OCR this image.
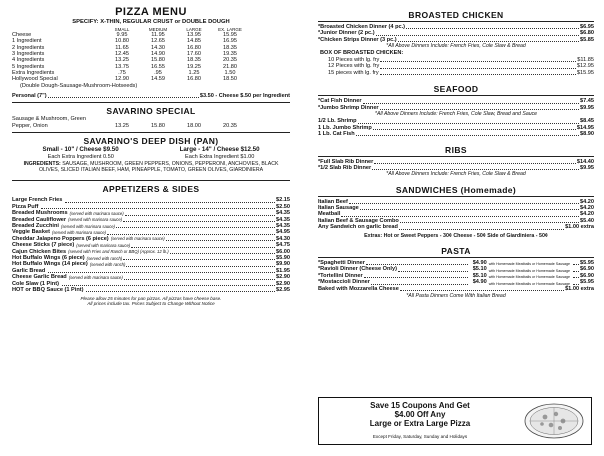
PIZZA MENU
SPECIFY: X-THIN, REGULAR CRUST or DOUBLE DOUGH
SMALL	MEDIUM	LARGE	EX. LARGE
Cheese	9.95	11.95	13.95	15.95
1 Ingredient	10.80	12.65	14.85	16.95
2 Ingredients	11.65	14.30	16.80	18.35
3 Ingredients	12.45	14.90	17.60	19.35
4 Ingredients	13.25	15.80	18.35	20.35
5 Ingredients	13.75	16.55	19.25	21.80
Extra Ingredients	.75	.95	1.25	1.50
Hollywood Special	12.90	14.59	16.80	18.50
(Double Dough-Sausage-Mushroom-Hotseeds)
Personal (7")	$3.50 - Cheese $.50 per Ingredient
SAVARINO SPECIAL
Sausage & Mushroom, Green
Pepper, Onion	13.25	15.80	18.00	20.35
SAVARINO'S DEEP DISH (PAN)
Small - 10" / Cheese $9.50	Large - 14" / Cheese $12.50
Each Extra Ingredient 0.50	Each Extra Ingredient $1.00
INGREDIENTS: SAUSAGE, MUSHROOM, GREEN PEPPERS, ONIONS, PEPPERONI, ANCHOVIES, BLACK OLIVES, SLICED ITALIAN BEEF, HAM, PINEAPPLE, TOMATO, GREEN OLIVES, GIARDINIERA
APPETIZERS & SIDES
Large French Fries	$2.15
Pizza Puff	$2.50
Breaded Mushrooms (served with marinara sauce)	$4.35
Breaded Cauliflower (served with marinara sauce)	$4.35
Breaded Zucchini (served with marinara sauce)	$4.35
Veggie Basket (served with marinara sauce)	$4.95
Cheddar Jalapeno Poppers (6 piece) (served with marinara sauce)	$4.30
Cheese Sticks (7 piece) (served with marinara sauce)	$4.75
Cajun Chicken Bites (served with Fries and Ranch or BBQ) (Approx. 12 lb.)	$6.00
Hot Buffalo Wings (6 piece) (served with ranch)	$5.90
Hot Buffalo Wings (14 piece) (served with ranch)	$9.90
Garlic Bread	$1.95
Cheese Garlic Bread (served with marinara sauce)	$2.90
Cole Slaw (1 Pint)	$2.90
HOT or BBQ Sauce (1 Pint)	$2.95
Please allow 25 minutes for pan pizzas. All pizzas have cheese base.
All prices include tax. Prices Subject to Change Without Notice
BROASTED CHICKEN
*Broasted Chicken Dinner (4 pc.)	$6.95
*Junior Dinner (2 pc.)	$6.80
*Chicken Strips Dinner (3 pc.)	$5.85
*All Above Dinners Include: French Fries, Cole Slaw & Bread
BOX OF BROASTED CHICKEN:
10 Pieces with lg. fry	$11.85
12 Pieces with lg. fry	$12.95
15 pieces with lg. fry	$15.95
SEAFOOD
*Cat Fish Dinner	$7.45
*Jumbo Shrimp Dinner	$9.95
*All Above Dinners Include: French Fries, Cole Slaw, Bread and Sauce
1/2 Lb. Shrimp	$8.45
1 Lb. Jumbo Shrimp	$14.95
1 Lb. Cat Fish	$8.90
RIBS
*Full Slab Rib Dinner	$14.40
*1/2 Slab Rib Dinner	$9.95
*All Above Dinners Include: French Fries, Cole Slaw & Bread
SANDWICHES (Homemade)
Italian Beef	$4.20
Italian Sausage	$4.20
Meatball	$4.20
Italian Beef & Sausage Combo	$5.40
Any Sandwich on garlic bread	$1.00 extra
Extras: Hot or Sweet Peppers - 30¢ Cheese - 50¢ Side of Giardiniera - 50¢
PASTA
*Spaghetti Dinner	$4.90 with Homemade Meatballs or Homemade Sausage $5.95
*Ravioli Dinner (Cheese Only)	$5.10 with Homemade Meatballs or Homemade Sausage $6.90
*Tortellini Dinner	$5.10 with Homemade Meatballs or Homemade Sausage $6.90
*Mostaccioli Dinner	$4.90 with Homemade Meatballs or Homemade Sausage $5.95
Baked with Mozzarella Cheese	$1.00 extra
*All Pasta Dinners Come With Italian Bread
Save 15 Coupons And Get
$4.00 Off Any
Large or Extra Large Pizza
Except Friday, Saturday, Sunday and Holidays
